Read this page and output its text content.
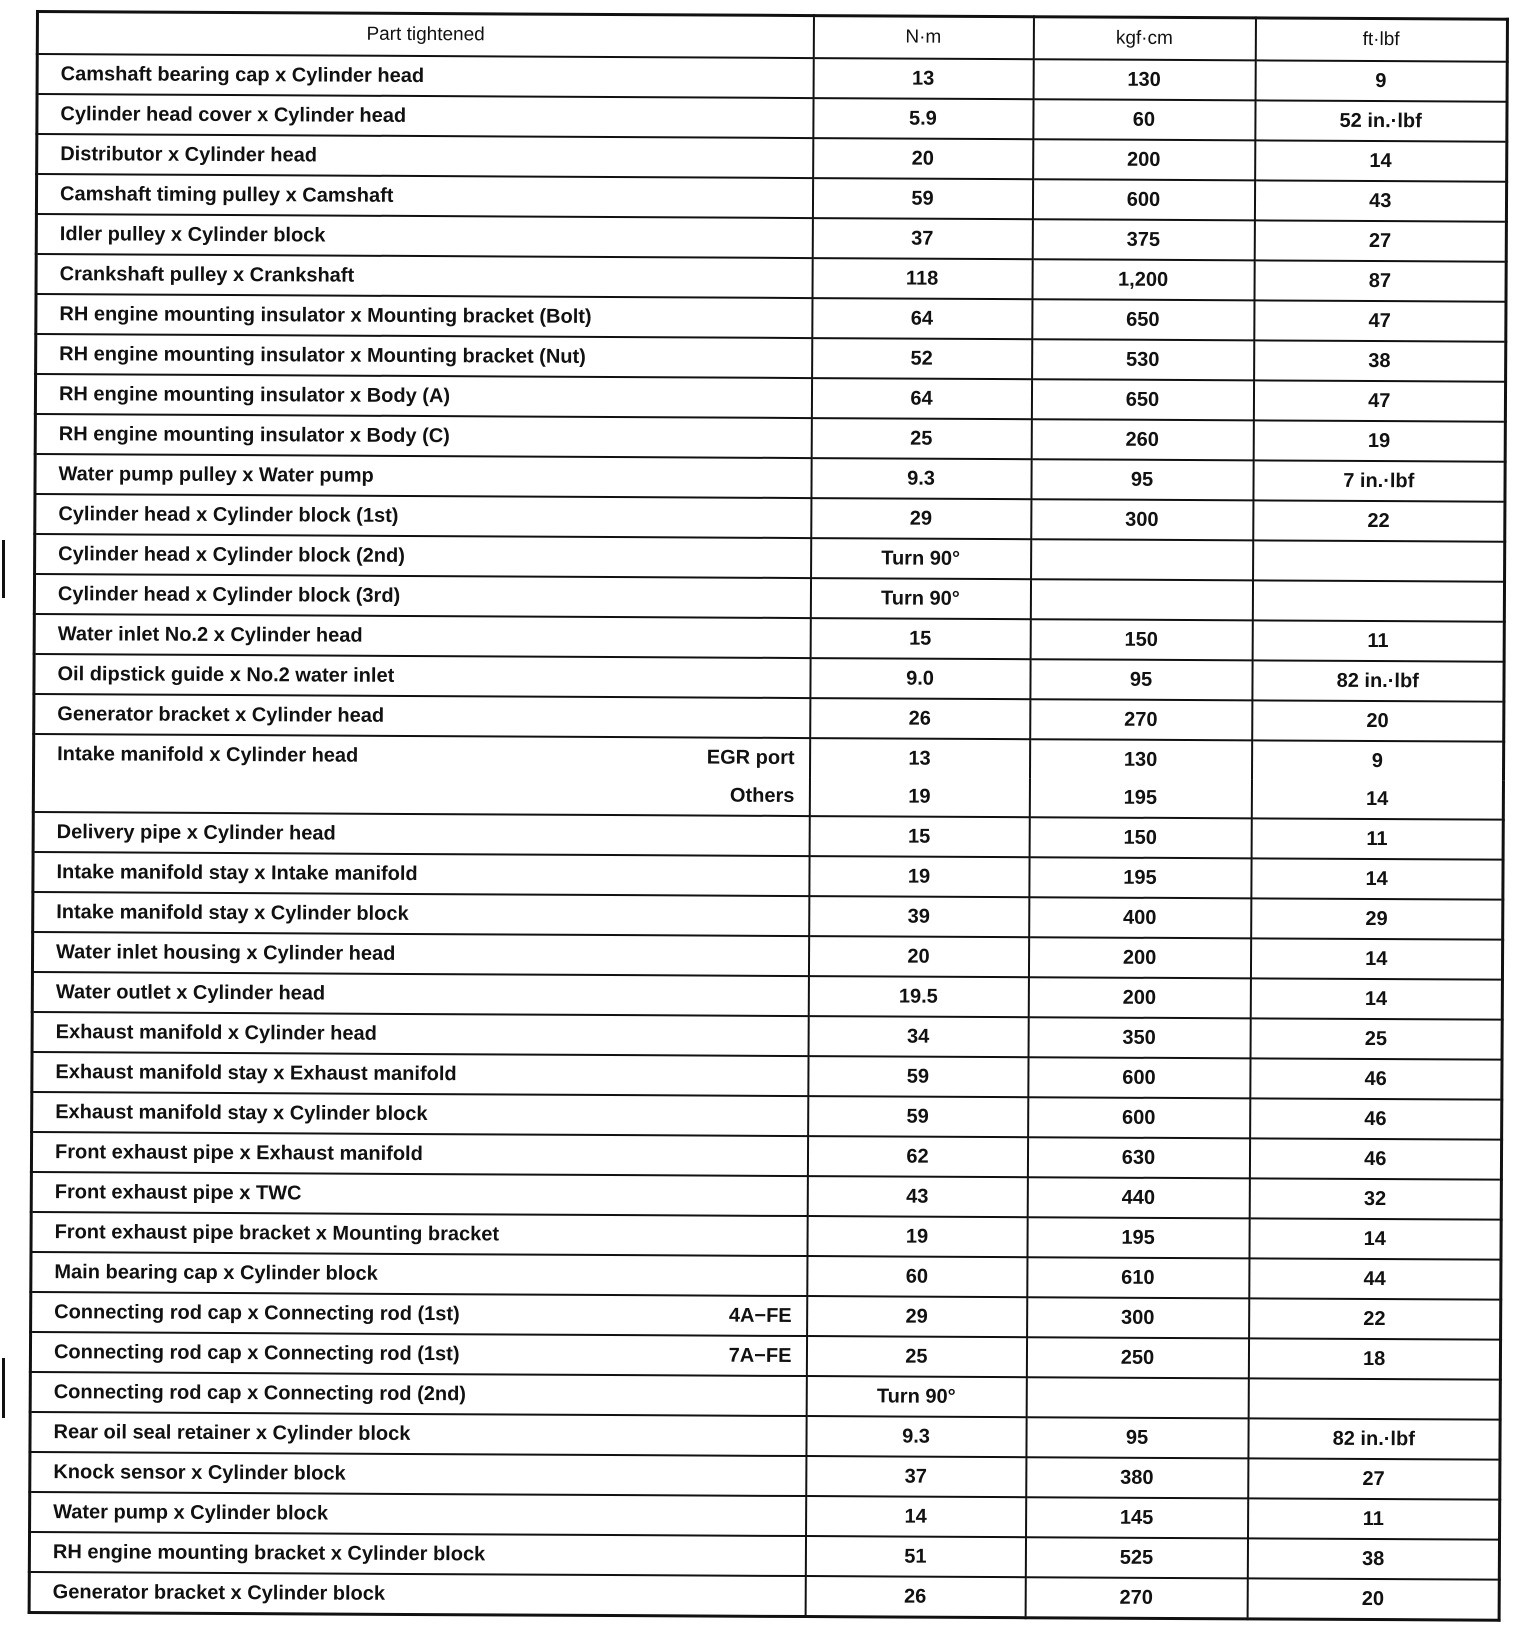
Part tightened	N·m	kgf·cm	ft·lbf

Camshaft bearing cap x Cylinder head	13	130	9

Cylinder head cover x Cylinder head	5.9	60	52 in.·lbf

Distributor x Cylinder head	20	200	14

Camshaft timing pulley x Camshaft	59	600	43

Idler pulley x Cylinder block	37	375	27

Crankshaft pulley x Crankshaft	118	1,200	87

RH engine mounting insulator x Mounting bracket (Bolt)	64	650	47

RH engine mounting insulator x Mounting bracket (Nut)	52	530	38

RH engine mounting insulator x Body (A)	64	650	47

RH engine mounting insulator x Body (C)	25	260	19

Water pump pulley x Water pump	9.3	95	7 in.·lbf

Cylinder head x Cylinder block (1st)	29	300	22

Cylinder head x Cylinder block (2nd)	Turn 90°		

Cylinder head x Cylinder block (3rd)	Turn 90°		

Water inlet No.2 x Cylinder head	15	150	11

Oil dipstick guide x No.2 water inlet	9.0	95	82 in.·lbf

Generator bracket x Cylinder head	26	270	20

Intake manifold x Cylinder head EGR port	13	130	9

Others	19	195	14

Delivery pipe x Cylinder head	15	150	11

Intake manifold stay x Intake manifold	19	195	14

Intake manifold stay x Cylinder block	39	400	29

Water inlet housing x Cylinder head	20	200	14

Water outlet x Cylinder head	19.5	200	14

Exhaust manifold x Cylinder head	34	350	25

Exhaust manifold stay x Exhaust manifold	59	600	46

Exhaust manifold stay x Cylinder block	59	600	46

Front exhaust pipe x Exhaust manifold	62	630	46

Front exhaust pipe x TWC	43	440	32

Front exhaust pipe bracket x Mounting bracket	19	195	14

Main bearing cap x Cylinder block	60	610	44

Connecting rod cap x Connecting rod (1st) 4A−FE	29	300	22

Connecting rod cap x Connecting rod (1st) 7A−FE	25	250	18

Connecting rod cap x Connecting rod (2nd)	Turn 90°		

Rear oil seal retainer x Cylinder block	9.3	95	82 in.·lbf

Knock sensor x Cylinder block	37	380	27

Water pump x Cylinder block	14	145	11

RH engine mounting bracket x Cylinder block	51	525	38

Generator bracket x Cylinder block	26	270	20
